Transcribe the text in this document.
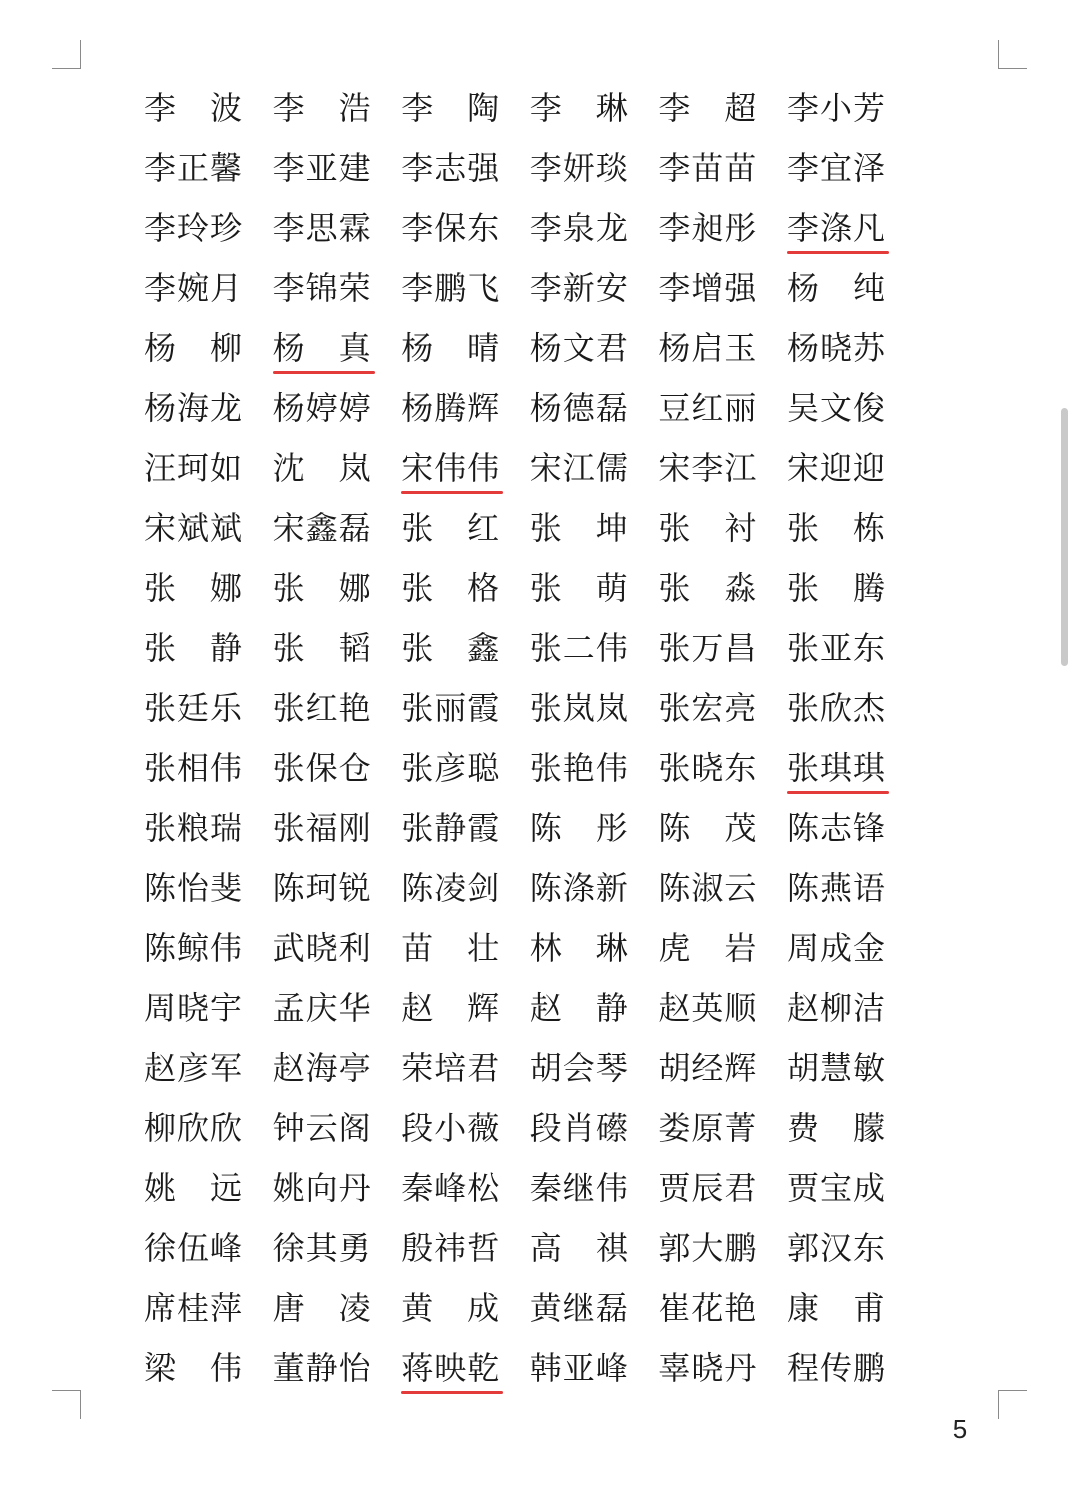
李 波 李 浩 李 陶 李 琳 李 超 李 小 芳
李 正 馨 李 亚 建 李 志 强 李 妍 琰 李 苗 苗 李 宜 泽
李 玲 珍 李 思 霖 李 保 东 李 泉 龙 李 昶 彤 李 涤 凡
李 婉 月 李 锦 荣 李 鹏 飞 李 新 安 李 增 强 杨 纯
杨 柳 杨 真 杨 晴 杨 文 君 杨 启 玉 杨 晓 苏
杨 海 龙 杨 婷 婷 杨 腾 辉 杨 德 磊 豆 红 丽 吴 文 俊
汪 珂 如 沈 岚 宋 伟 伟 宋 江 儒 宋 李 江 宋 迎 迎
宋 斌 斌 宋 鑫 磊 张 红 张 坤 张 衬 张 栋
张 娜 张 娜 张 格 张 萌 张 淼 张 腾
张 静 张 韬 张 鑫 张 二 伟 张 万 昌 张 亚 东
张 廷 乐 张 红 艳 张 丽 霞 张 岚 岚 张 宏 亮 张 欣 杰
张 相 伟 张 保 仓 张 彦 聪 张 艳 伟 张 晓 东 张 琪 琪
张 粮 瑞 张 福 刚 张 静 霞 陈 彤 陈 茂 陈 志 锋
陈 怡 斐 陈 珂 锐 陈 凌 剑 陈 涤 新 陈 淑 云 陈 燕 语
陈 鲸 伟 武 晓 利 苗 壮 林 琳 虎 岩 周 成 金
周 晓 宇 孟 庆 华 赵 辉 赵 静 赵 英 顺 赵 柳 洁
赵 彦 军 赵 海 亭 荣 培 君 胡 会 琴 胡 经 辉 胡 慧 敏
柳 欣 欣 钟 云 阁 段 小 薇 段 肖 礤 娄 原 菁 费 朦
姚 远 姚 向 丹 秦 峰 松 秦 继 伟 贾 辰 君 贾 宝 成
徐 伍 峰 徐 其 勇 殷 祎 哲 高 祺 郭 大 鹏 郭 汉 东
席 桂 萍 唐 凌 黄 成 黄 继 磊 崔 花 艳 康 甫
梁 伟 董 静 怡 蒋 映 乾 韩 亚 峰 辜 晓 丹 程 传 鹏
5
